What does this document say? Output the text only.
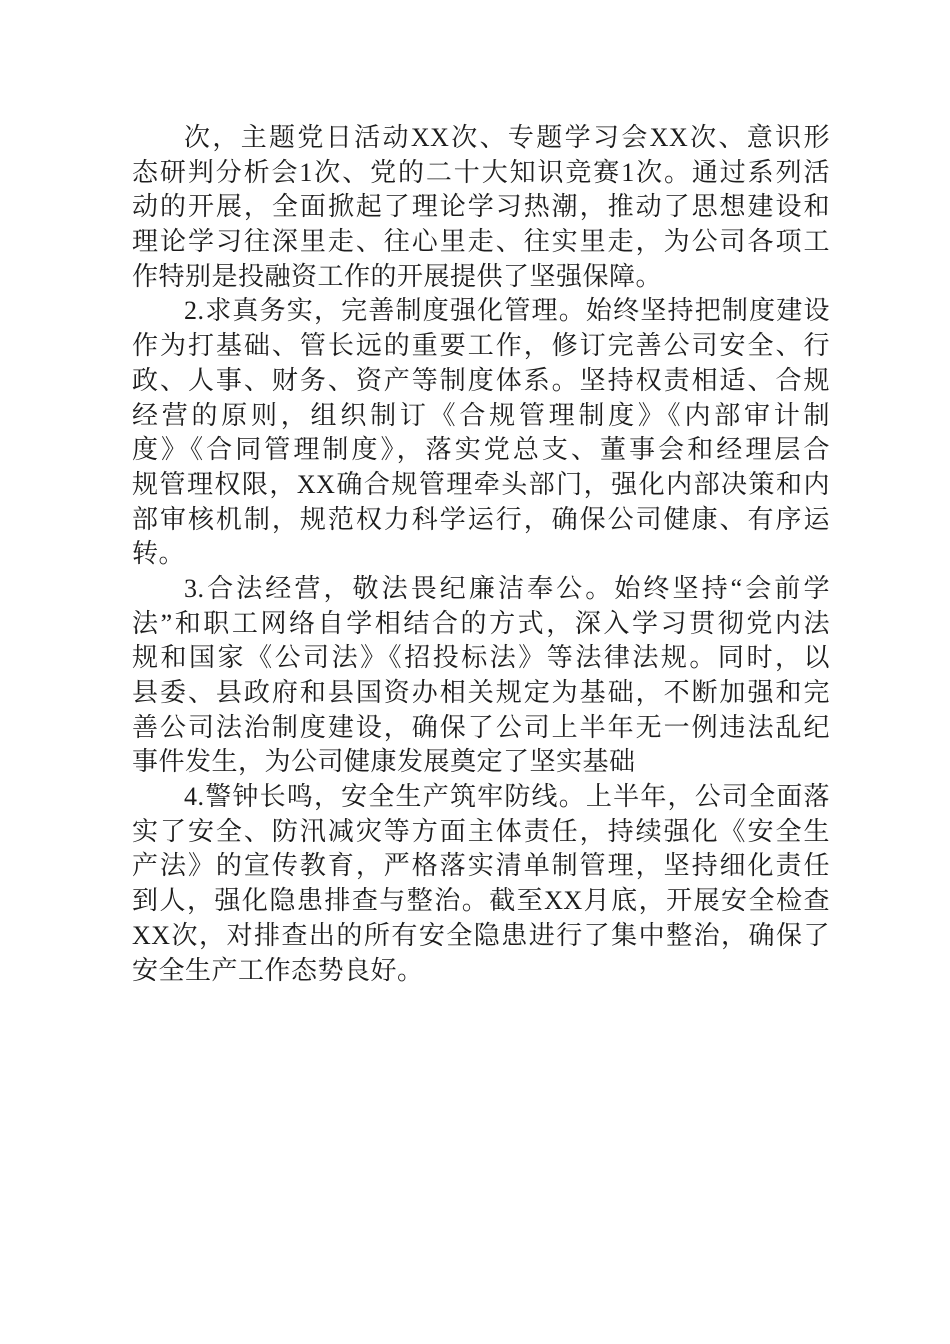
次，主题党日活动XX次、专题学习会XX次、意识形
态研判分析会1次、党的二十大知识竞赛1次。通过系列活
动的开展，全面掀起了理论学习热潮，推动了思想建设和
理论学习往深里走、往心里走、往实里走，为公司各项工
作特别是投融资工作的开展提供了坚强保障。
2.求真务实，完善制度强化管理。始终坚持把制度建设
作为打基础、管长远的重要工作，修订完善公司安全、行
政、人事、财务、资产等制度体系。坚持权责相适、合规
经营的原则，组织制订《合规管理制度》《内部审计制
度》《合同管理制度》，落实党总支、董事会和经理层合
规管理权限，XX确合规管理牵头部门，强化内部决策和内
部审核机制，规范权力科学运行，确保公司健康、有序运
转。
3.合法经营，敬法畏纪廉洁奉公。始终坚持“会前学
法”和职工网络自学相结合的方式，深入学习贯彻党内法
规和国家《公司法》《招投标法》等法律法规。同时，以
县委、县政府和县国资办相关规定为基础，不断加强和完
善公司法治制度建设，确保了公司上半年无一例违法乱纪
事件发生，为公司健康发展奠定了坚实基础
4.警钟长鸣，安全生产筑牢防线。上半年，公司全面落
实了安全、防汛减灾等方面主体责任，持续强化《安全生
产法》的宣传教育，严格落实清单制管理，坚持细化责任
到人，强化隐患排查与整治。截至XX月底，开展安全检查
XX次，对排查出的所有安全隐患进行了集中整治，确保了
安全生产工作态势良好。
